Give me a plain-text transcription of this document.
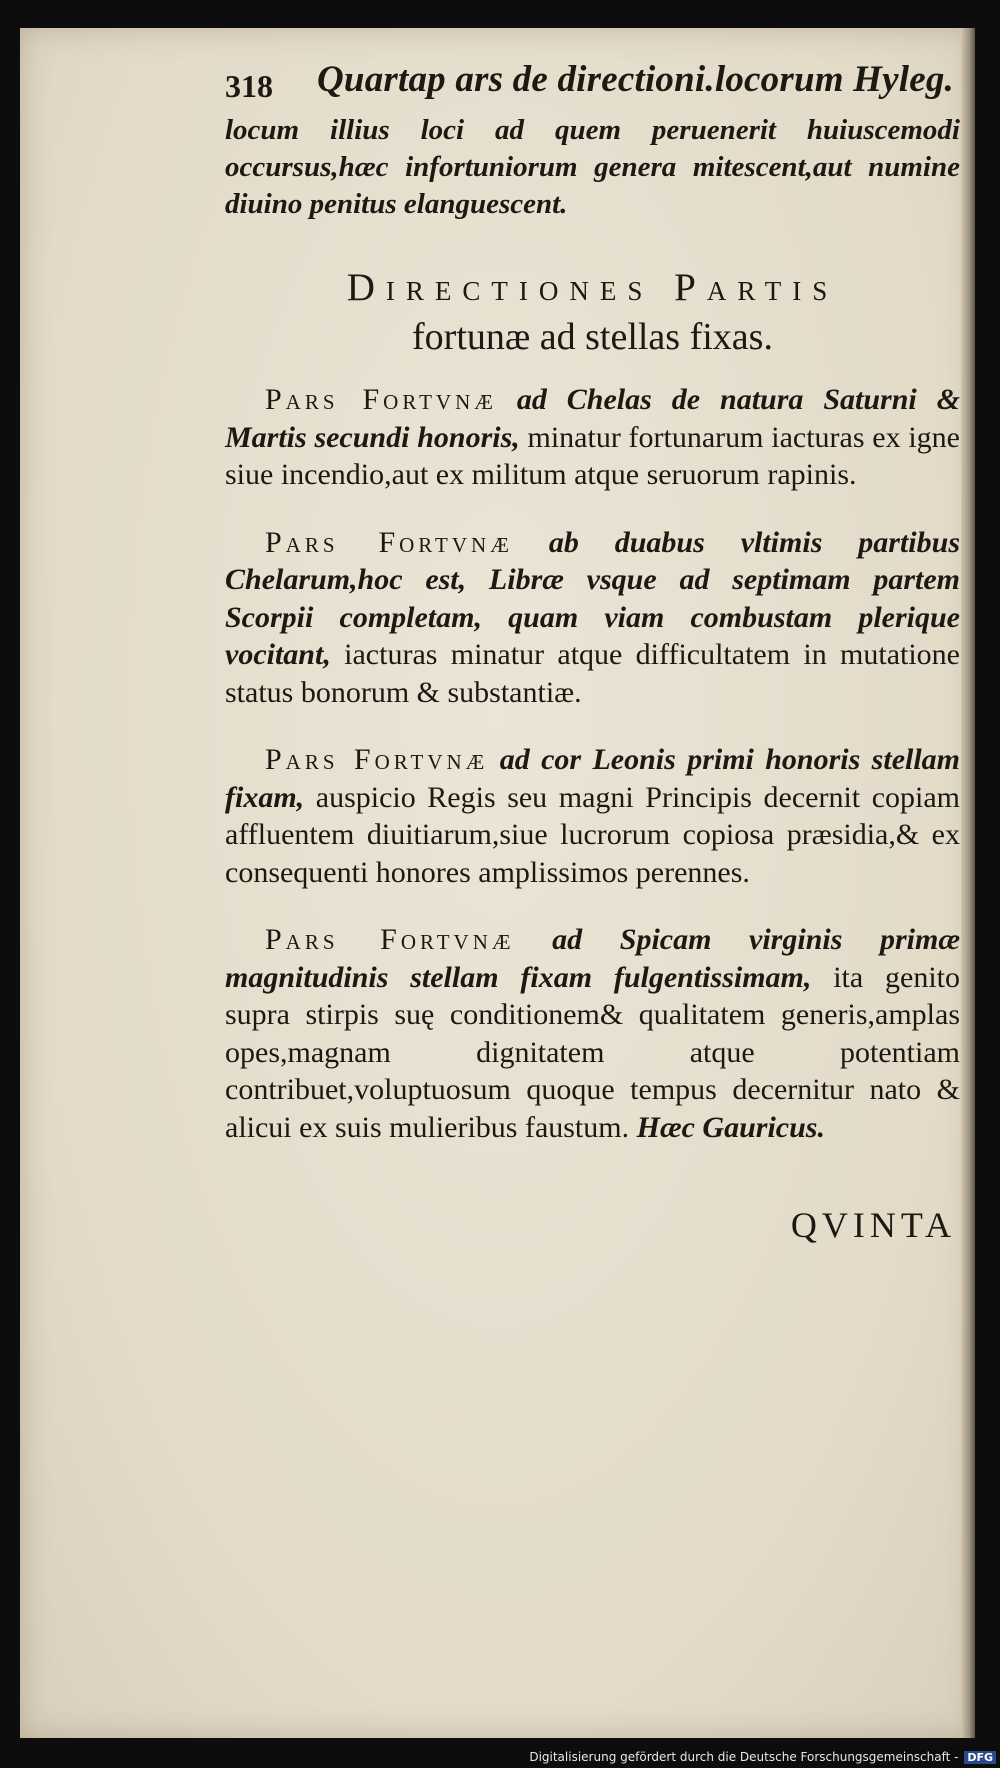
318 Quartap ars de directioni.locorum Hyleg.
locum illius loci ad quem peruenerit huiuscemodi occursus,hæc infortuniorum genera mitescent,aut numine diuino penitus elanguescent.
Directiones Partis
fortunæ ad stellas fixas.

Pars Fortvnæ ad Chelas de natura Saturni & Martis secundi honoris, minatur fortunarum iacturas ex igne siue incendio,aut ex militum atque seruorum rapinis.

Pars Fortvnæ ab duabus vltimis partibus Chelarum,hoc est, Libræ vsque ad septimam partem Scorpii completam, quam viam combustam plerique vocitant, iacturas minatur atque difficultatem in mutatione status bonorum & substantiæ.

Pars Fortvnæ ad cor Leonis primi honoris stellam fixam, auspicio Regis seu magni Principis decernit copiam affluentem diuitiarum,siue lucrorum copiosa præsidia,& ex consequenti honores amplissimos perennes.

Pars Fortvnæ ad Spicam virginis primæ magnitudinis stellam fixam fulgentissimam, ita genito supra stirpis suę conditionem& qualitatem generis,amplas opes,magnam dignitatem atque potentiam contribuet,voluptuosum quoque tempus decernitur nato & alicui ex suis mulieribus faustum. Hæc Gauricus.

QVINTA
Digitalisierung gefördert durch die Deutsche Forschungsgemeinschaft - DFG
